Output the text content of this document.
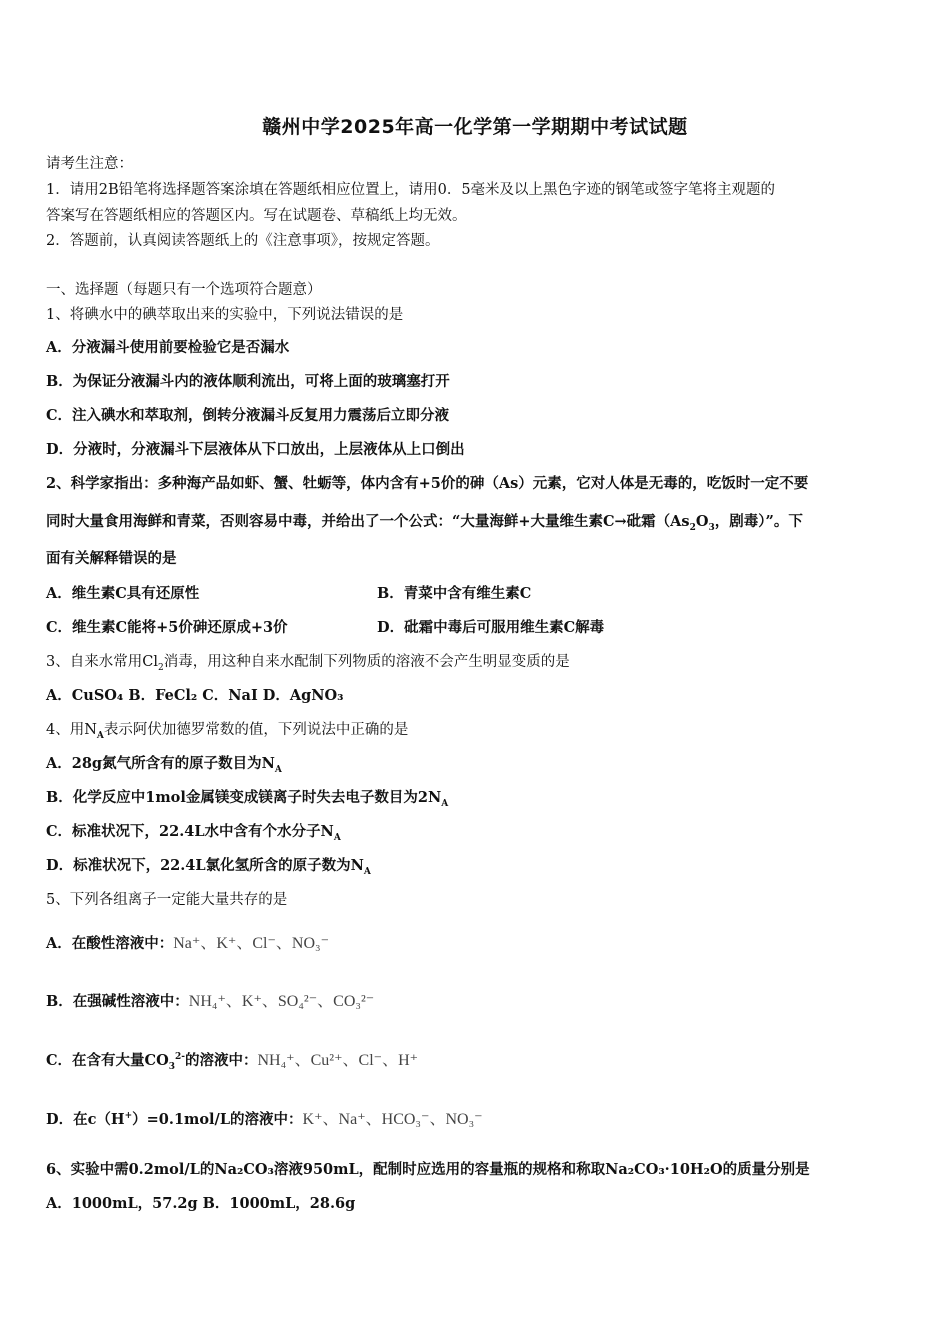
赣州中学2025年高一化学第一学期期中考试试题
请考生注意：
1．请用2B铅笔将选择题答案涂填在答题纸相应位置上，请用0．5毫米及以上黑色字迹的钢笔或签字笔将主观题的
答案写在答题纸相应的答题区内。写在试题卷、草稿纸上均无效。
2．答题前，认真阅读答题纸上的《注意事项》，按规定答题。
一、选择题（每题只有一个选项符合题意）
1、将碘水中的碘萃取出来的实验中，下列说法错误的是
A．分液漏斗使用前要检验它是否漏水
B．为保证分液漏斗内的液体顺利流出，可将上面的玻璃塞打开
C．注入碘水和萃取剂，倒转分液漏斗反复用力震荡后立即分液
D．分液时，分液漏斗下层液体从下口放出，上层液体从上口倒出
2、科学家指出：多种海产品如虾、蟹、牡蛎等，体内含有+5价的砷（As）元素，它对人体是无毒的，吃饭时一定不要
同时大量食用海鲜和青菜，否则容易中毒，并给出了一个公式：“大量海鲜+大量维生素C→砒霜（$As_2O_3$，剧毒）”。下
面有关解释错误的是
A．维生素C具有还原性	B．青菜中含有维生素C
C．维生素C能将+5价砷还原成+3价	D．砒霜中毒后可服用维生素C解毒
3、自来水常用$Cl_2$消毒，用这种自来水配制下列物质的溶液不会产生明显变质的是
A．CuSO₄ B．FeCl₂ C．NaI D．AgNO₃
4、用$N_A$表示阿伏加德罗常数的值，下列说法中正确的是
A．28g氮气所含有的原子数目为$N_A$
B．化学反应中1mol金属镁变成镁离子时失去电子数目为$2N_A$
C．标准状况下，22.4L水中含有个水分子$N_A$
D．标准状况下，22.4L氯化氢所含的原子数为$N_A$
5、下列各组离子一定能大量共存的是
A．在酸性溶液中：Na⁺、K⁺、Cl⁻、NO₃⁻
B．在强碱性溶液中：NH₄⁺、K⁺、SO₄²⁻、CO₃²⁻
C．在含有大量$CO_3^{2-}$的溶液中：NH₄⁺、Cu²⁺、Cl⁻、H⁺
D．在c（H+）=0.1mol/L的溶液中：K⁺、Na⁺、HCO₃⁻、NO₃⁻
6、实验中需0.2mol/L的Na₂CO₃溶液950mL，配制时应选用的容量瓶的规格和称取Na₂CO₃·10H₂O的质量分别是
A．1000mL，57.2g B．1000mL，28.6g
